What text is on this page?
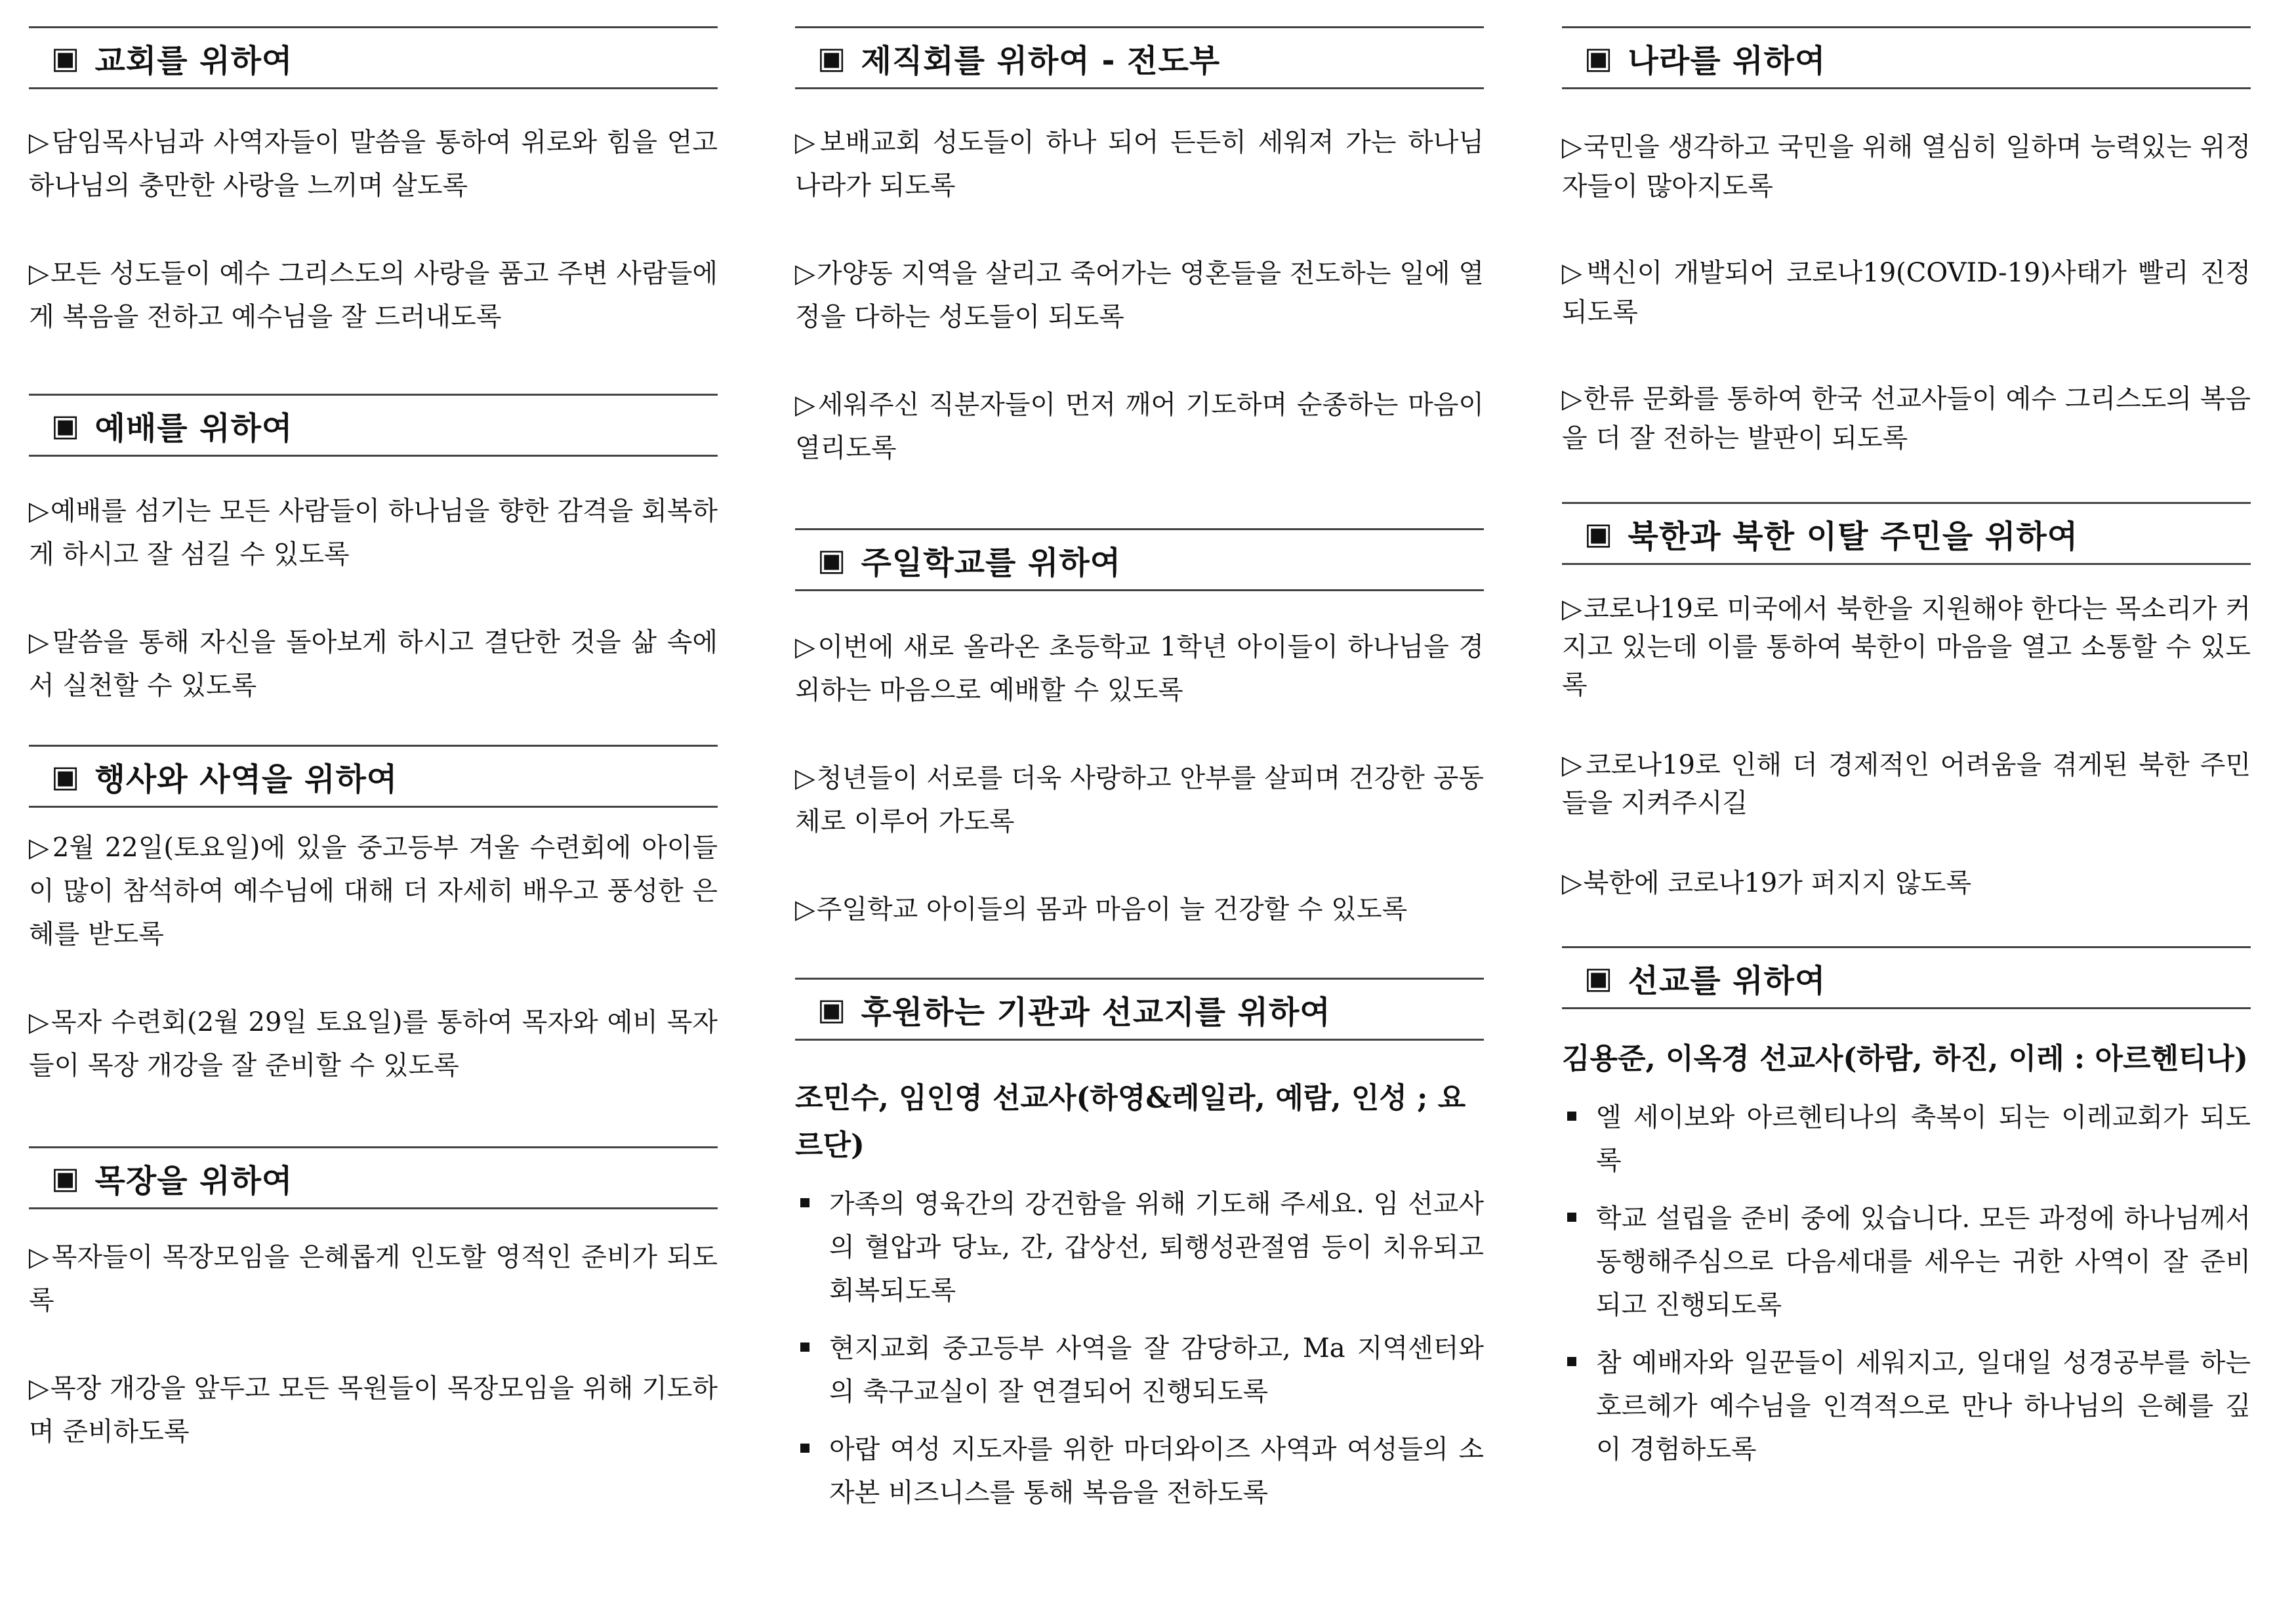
▣ 교회를 위하여

▷담임목사님과 사역자들이 말씀을 통하여 위로와 힘을 얻고 하나님의 충만한 사랑을 느끼며 살도록

▷모든 성도들이 예수 그리스도의 사랑을 품고 주변 사람들에게 복음을 전하고 예수님을 잘 드러내도록

▣ 예배를 위하여

▷예배를 섬기는 모든 사람들이 하나님을 향한 감격을 회복하게 하시고 잘 섬길 수 있도록

▷말씀을 통해 자신을 돌아보게 하시고 결단한 것을 삶 속에서 실천할 수 있도록

▣ 행사와 사역을 위하여

▷2월 22일(토요일)에 있을 중고등부 겨울 수련회에 아이들이 많이 참석하여 예수님에 대해 더 자세히 배우고 풍성한 은혜를 받도록

▷목자 수련회(2월 29일 토요일)를 통하여 목자와 예비 목자들이 목장 개강을 잘 준비할 수 있도록

▣ 목장을 위하여

▷목자들이 목장모임을 은혜롭게 인도할 영적인 준비가 되도록

▷목장 개강을 앞두고 모든 목원들이 목장모임을 위해 기도하며 준비하도록

▣ 제직회를 위하여 - 전도부

▷보배교회 성도들이 하나 되어 든든히 세워져 가는 하나님 나라가 되도록

▷가양동 지역을 살리고 죽어가는 영혼들을 전도하는 일에 열정을 다하는 성도들이 되도록

▷세워주신 직분자들이 먼저 깨어 기도하며 순종하는 마음이 열리도록

▣ 주일학교를 위하여

▷이번에 새로 올라온 초등학교 1학년 아이들이 하나님을 경외하는 마음으로 예배할 수 있도록

▷청년들이 서로를 더욱 사랑하고 안부를 살피며 건강한 공동체로 이루어 가도록

▷주일학교 아이들의 몸과 마음이 늘 건강할 수 있도록

▣ 후원하는 기관과 선교지를 위하여

조민수, 임인영 선교사(하영&레일라, 예람, 인성 ; 요르단)

가족의 영육간의 강건함을 위해 기도해 주세요. 임 선교사의 혈압과 당뇨, 간, 갑상선, 퇴행성관절염 등이 치유되고 회복되도록
현지교회 중고등부 사역을 잘 감당하고, Ma 지역센터와의 축구교실이 잘 연결되어 진행되도록
아랍 여성 지도자를 위한 마더와이즈 사역과 여성들의 소자본 비즈니스를 통해 복음을 전하도록
▣ 나라를 위하여

▷국민을 생각하고 국민을 위해 열심히 일하며 능력있는 위정자들이 많아지도록

▷백신이 개발되어 코로나19(COVID-19)사태가 빨리 진정되도록

▷한류 문화를 통하여 한국 선교사들이 예수 그리스도의 복음을 더 잘 전하는 발판이 되도록

▣ 북한과 북한 이탈 주민을 위하여

▷코로나19로 미국에서 북한을 지원해야 한다는 목소리가 커지고 있는데 이를 통하여 북한이 마음을 열고 소통할 수 있도록

▷코로나19로 인해 더 경제적인 어려움을 겪게된 북한 주민들을 지켜주시길

▷북한에 코로나19가 퍼지지 않도록

▣ 선교를 위하여

김용준, 이옥경 선교사(하람, 하진, 이레 : 아르헨티나)

엘 세이보와 아르헨티나의 축복이 되는 이레교회가 되도록
학교 설립을 준비 중에 있습니다. 모든 과정에 하나님께서 동행해주심으로 다음세대를 세우는 귀한 사역이 잘 준비되고 진행되도록
참 예배자와 일꾼들이 세워지고, 일대일 성경공부를 하는 호르헤가 예수님을 인격적으로 만나 하나님의 은혜를 깊이 경험하도록
